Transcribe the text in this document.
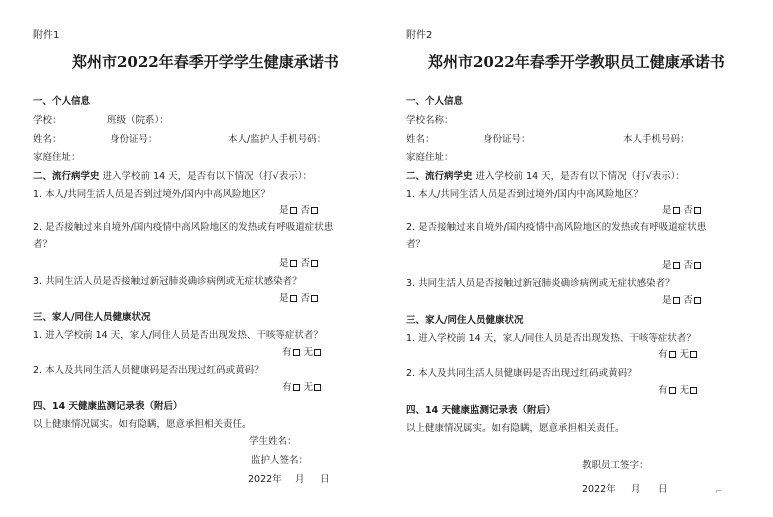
附件1
郑州市2022年春季开学学生健康承诺书
一、个人信息
学校：	班级（院系）：
姓名：	身份证号：	本人/监护人手机号码：
家庭住址：
二、流行病学史 进入学校前 14 天，是否有以下情况（打√表示）：
1. 本人/共同生活人员是否到过境外/国内中高风险地区？
是 否
2. 是否接触过来自境外/国内疫情中高风险地区的发热或有呼吸道症状患
者？
是 否
3. 共同生活人员是否接触过新冠肺炎确诊病例或无症状感染者？
是 否
三、家人/同住人员健康状况
1. 进入学校前 14 天，家人/同住人员是否出现发热、干咳等症状者？
有 无
2. 本人及共同生活人员健康码是否出现过红码或黄码？
有 无
四、14 天健康监测记录表（附后）
以上健康情况属实。如有隐瞒，愿意承担相关责任。
学生姓名：
监护人签名：
2022年 月 日
附件2
郑州市2022年春季开学教职员工健康承诺书
一、个人信息
学校名称：
姓名：	身份证号：	本人手机号码：
家庭住址：
二、流行病学史 进入学校前 14 天，是否有以下情况（打√表示）：
1. 本人/共同生活人员是否到过境外/国内中高风险地区？
是 否
2. 是否接触过来自境外/国内疫情中高风险地区的发热或有呼吸道症状患
者？
是 否
3. 共同生活人员是否接触过新冠肺炎确诊病例或无症状感染者？
是 否
三、家人/同住人员健康状况
1. 进入学校前 14 天，家人/同住人员是否出现发热、干咳等症状者？
有 无
2. 本人及共同生活人员健康码是否出现过红码或黄码？
有 无
四、14 天健康监测记录表（附后）
以上健康情况属实。如有隐瞒，愿意承担相关责任。
教职员工签字：
2022年 月 日	⌐
